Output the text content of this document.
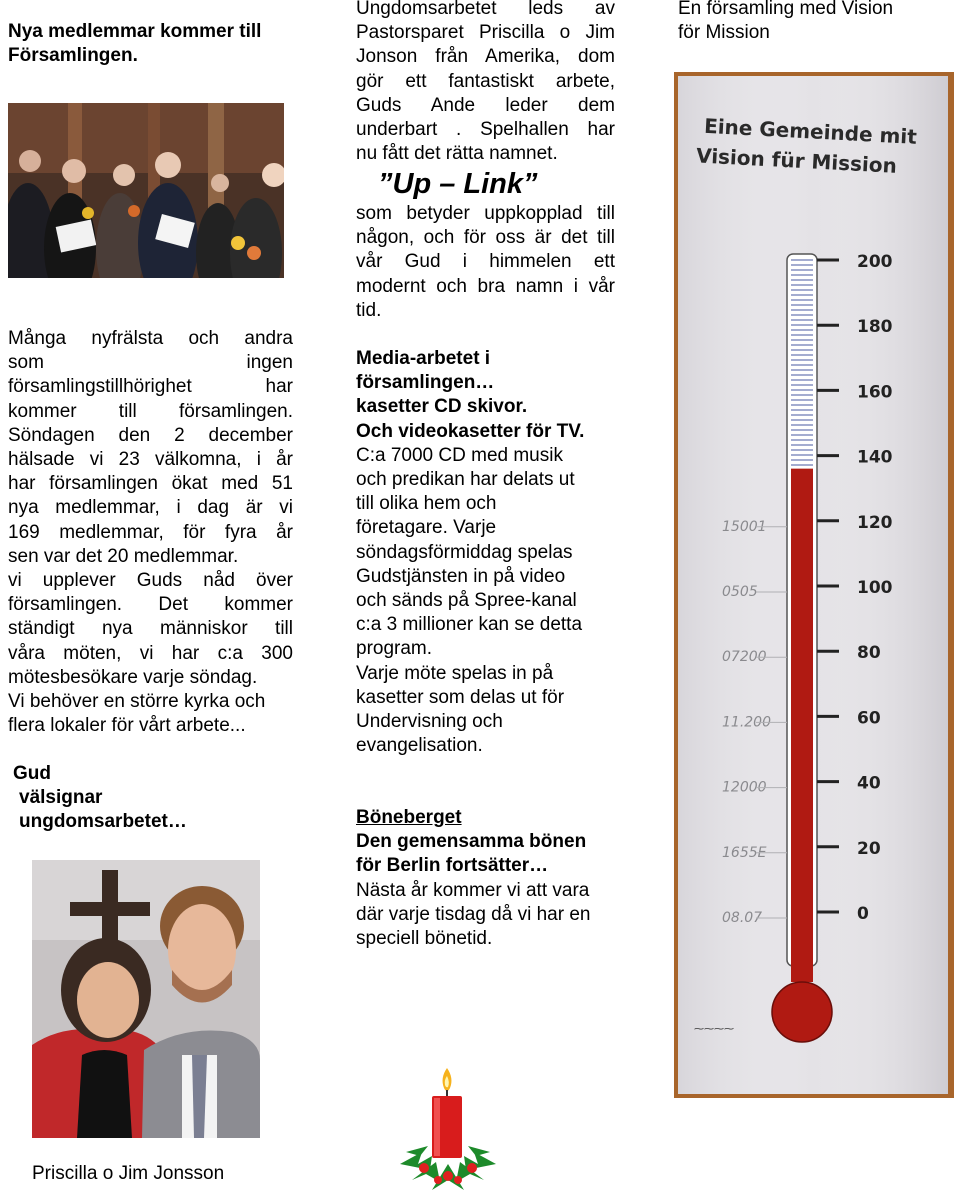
Nya medlemmar kommer till

Församlingen.

Många nyfrälsta och andra

som ingen

församlingstillhörighet har

kommer till församlingen.

Söndagen den 2 december

hälsade vi 23 välkomna, i år

har församlingen ökat med 51

nya medlemmar, i dag är vi

169 medlemmar, för fyra år

sen var det 20 medlemmar.

vi upplever Guds nåd över

församlingen. Det kommer

ständigt nya människor till

våra möten, vi har c:a 300

mötesbesökare varje söndag.

Vi behöver en större kyrka och

flera lokaler för vårt arbete...

Gud

välsignar

ungdomsarbetet…

Priscilla o Jim Jonsson

Ungdomsarbetet leds av

Pastorsparet Priscilla o Jim

Jonson från Amerika, dom

gör ett fantastiskt arbete,

Guds Ande leder dem

underbart . Spelhallen har

nu fått det rätta namnet.

”Up – Link”

som betyder uppkopplad till

någon, och för oss är det till

vår Gud i himmelen ett

modernt och bra namn i vår

tid.

Media-arbetet i

församlingen…

kasetter CD skivor.

Och videokasetter för TV.

C:a 7000 CD med musik

och predikan har delats ut

till olika hem och

företagare. Varje

söndagsförmiddag spelas

Gudstjänsten in på video

och sänds på Spree-kanal

c:a 3 millioner kan se detta

program.

Varje möte spelas in på

kasetter som delas ut för

Undervisning och

evangelisation.

Böneberget

Den gemensamma bönen

för Berlin fortsätter…

Nästa år kommer vi att vara

där varje tisdag då vi har en

speciell bönetid.

En församling med Vision

för Mission

Eine Gemeinde mit
Vision für Mission
200
180
160
140
120
100
80
60
40
20
0
15001
0505
07200
11.200
12000
1655E
08.07
⁓⁓⁓⁓
